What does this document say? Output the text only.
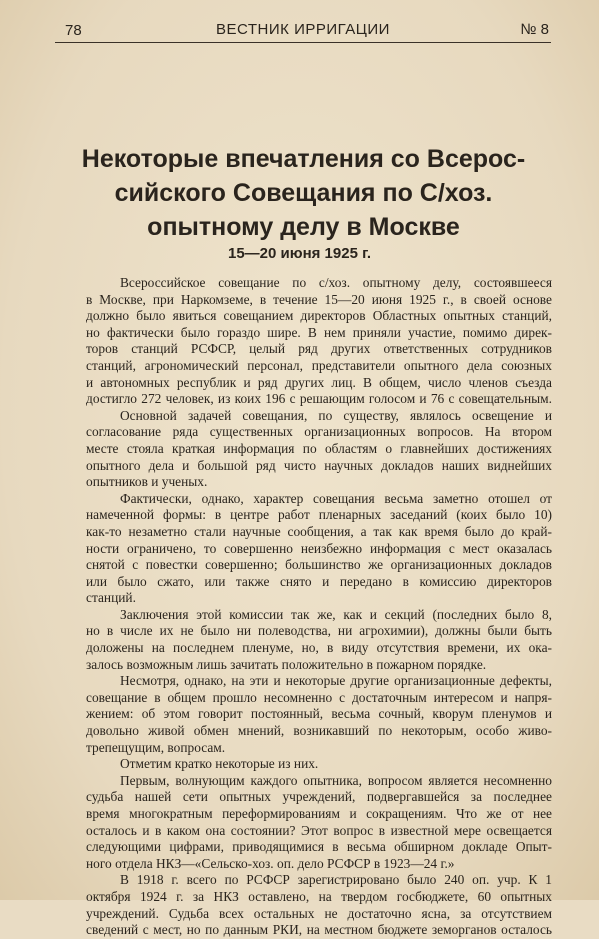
78	ВЕСТНИК ИРРИГАЦИИ	№ 8
Некоторые впечатления со Всерос-
сийского Совещания по С/хоз.
опытному делу в Москве
15—20 июня 1925 г.
Всероссийское совещание по с/хоз. опытному делу, состоявшееся
в Москве, при Наркомземе, в течение 15—20 июня 1925 г., в своей основе
должно было явиться совещанием директоров Областных опытных станций,
но фактически было гораздо шире. В нем приняли участие, помимо дирек-
торов станций РСФСР, целый ряд других ответственных сотрудников
станций, агрономический персонал, представители опытного дела союзных
и автономных республик и ряд других лиц. В общем, число членов съезда
достигло 272 человек, из коих 196 с решающим голосом и 76 с совещательным.
Основной задачей совещания, по существу, являлось освещение и
согласование ряда существенных организационных вопросов. На втором
месте стояла краткая информация по областям о главнейших достижениях
опытного дела и большой ряд чисто научных докладов наших виднейших
опытников и ученых.
Фактически, однако, характер совещания весьма заметно отошел от
намеченной формы: в центре работ пленарных заседаний (коих было 10)
как-то незаметно стали научные сообщения, а так как время было до край-
ности ограничено, то совершенно неизбежно информация с мест оказалась
снятой с повестки совершенно; большинство же организационных докладов
или было сжато, или также снято и передано в комиссию директоров
станций.
Заключения этой комиссии так же, как и секций (последних было 8,
но в числе их не было ни полеводства, ни агрохимии), должны были быть
доложены на последнем пленуме, но, в виду отсутствия времени, их ока-
залось возможным лишь зачитать положительно в пожарном порядке.
Несмотря, однако, на эти и некоторые другие организационные дефекты,
совещание в общем прошло несомненно с достаточным интересом и напря-
жением: об этом говорит постоянный, весьма сочный, кворум пленумов и
довольно живой обмен мнений, возникавший по некоторым, особо живо-
трепещущим, вопросам.
Отметим кратко некоторые из них.
Первым, волнующим каждого опытника, вопросом является несомненно
судьба нашей сети опытных учреждений, подвергавшейся за последнее
время многократным переформированиям и сокращениям. Что же от нее
осталось и в каком она состоянии? Этот вопрос в известной мере освещается
следующими цифрами, приводящимися в весьма обширном докладе Опыт-
ного отдела НКЗ—«Сельско-хоз. оп. дело РСФСР в 1923—24 г.»
В 1918 г. всего по РСФСР зарегистрировано было 240 оп. учр. К 1
октября 1924 г. за НКЗ оставлено, на твердом госбюджете, 60 опытных
учреждений. Судьба всех остальных не достаточно ясна, за отсутствием
сведений с мест, но по данным РКИ, на местном бюджете земорганов осталось
